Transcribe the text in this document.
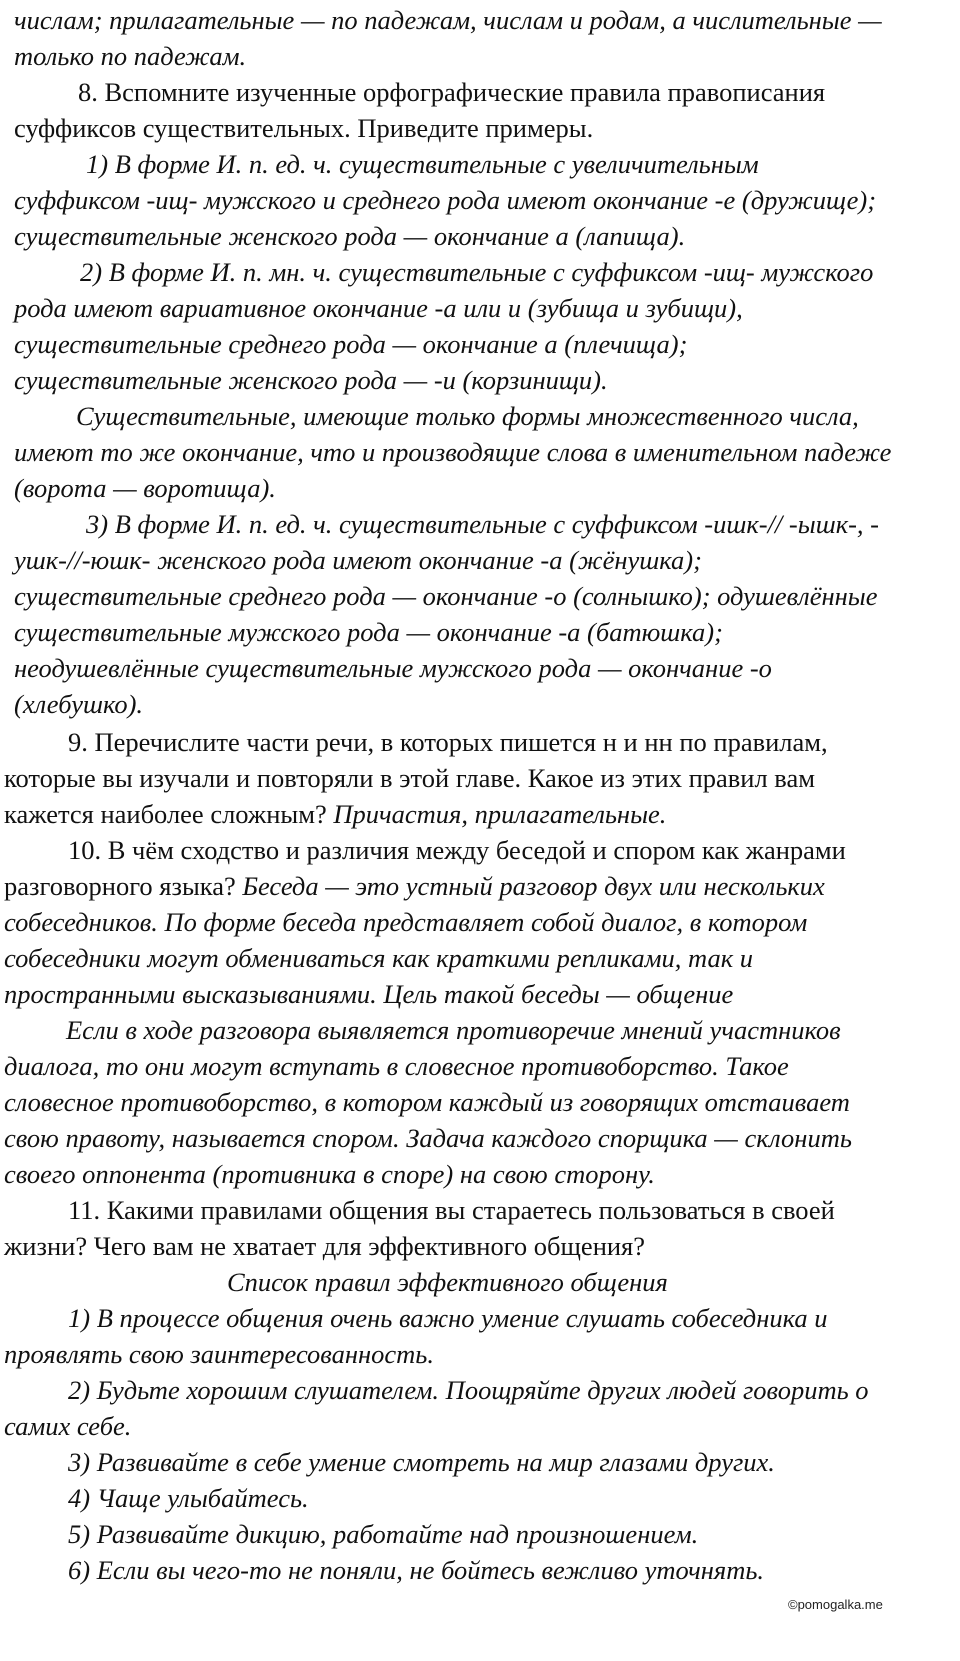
числам; прилагательные — по падежам, числам и родам, а числительные —
только по падежам.
8. Вспомните изученные орфографические правила правописания
суффиксов существительных. Приведите примеры.
1) В форме И. п. ед. ч. существительные с увеличительным
суффиксом -ищ- мужского и среднего рода имеют окончание -е (дружище);
существительные женского рода — окончание а (лапища).
2) В форме И. п. мн. ч. существительные с суффиксом -ищ- мужского
рода имеют вариативное окончание -а или и (зубища и зубищи),
существительные среднего рода — окончание а (плечища);
существительные женского рода — -и (корзинищи).
Существительные, имеющие только формы множественного числа,
имеют то же окончание, что и производящие слова в именительном падеже
(ворота — воротища).
3) В форме И. п. ед. ч. существительные с суффиксом -ишк-// -ышк-, -
ушк-//-юшк- женского рода имеют окончание -а (жёнушка);
существительные среднего рода — окончание -о (солнышко); одушевлённые
существительные мужского рода — окончание -а (батюшка);
неодушевлённые существительные мужского рода — окончание -о
(хлебушко).
9. Перечислите части речи, в которых пишется н и нн по правилам,
которые вы изучали и повторяли в этой главе. Какое из этих правил вам
кажется наиболее сложным? Причастия, прилагательные.
10. В чём сходство и различия между беседой и спором как жанрами
разговорного языка? Беседа — это устный разговор двух или нескольких
собеседников. По форме беседа представляет собой диалог, в котором
собеседники могут обмениваться как краткими репликами, так и
пространными высказываниями. Цель такой беседы — общение
Если в ходе разговора выявляется противоречие мнений участников
диалога, то они могут вступать в словесное противоборство. Такое
словесное противоборство, в котором каждый из говорящих отстаивает
свою правоту, называется спором. Задача каждого спорщика — склонить
своего оппонента (противника в споре) на свою сторону.
11. Какими правилами общения вы стараетесь пользоваться в своей
жизни? Чего вам не хватает для эффективного общения?
Список правил эффективного общения
1) В процессе общения очень важно умение слушать собеседника и
проявлять свою заинтересованность.
2) Будьте хорошим слушателем. Поощряйте других людей говорить о
самих себе.
3) Развивайте в себе умение смотреть на мир глазами других.
4) Чаще улыбайтесь.
5) Развивайте дикцию, работайте над произношением.
6) Если вы чего-то не поняли, не бойтесь вежливо уточнять.
©pomogalka.me
